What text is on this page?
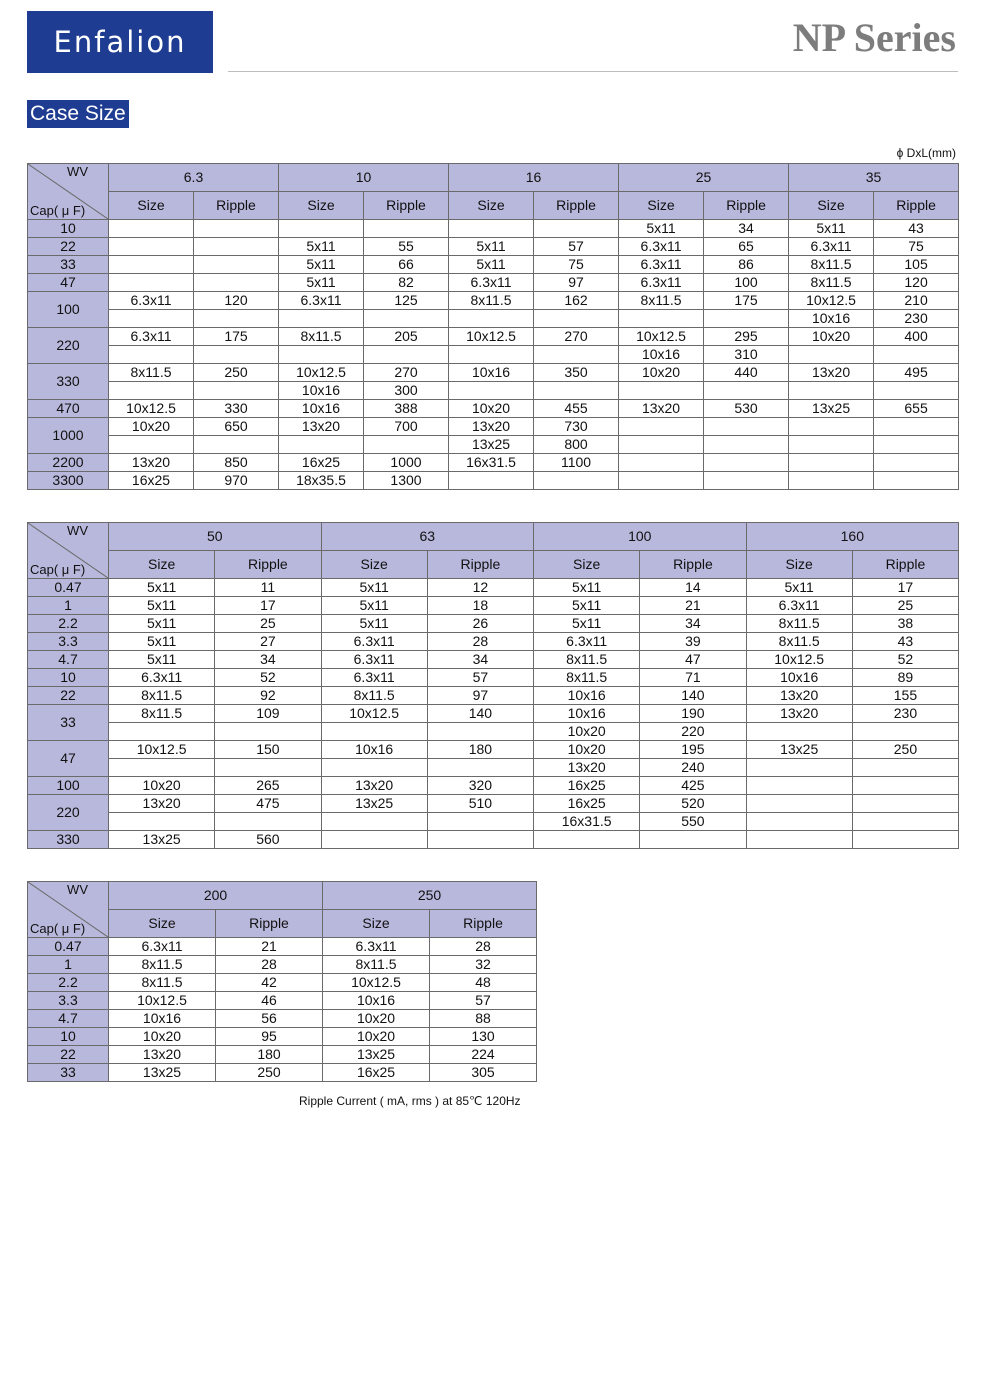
Enfalion	NP Series
Case Size
ϕ DxL(mm)
WV
Cap( μ F)	6.3		10		16		25		35	
	Size	Ripple	Size	Ripple	Size	Ripple	Size	Ripple	Size	Ripple
10							5x11	34	5x11	43
22			5x11	55	5x11	57	6.3x11	65	6.3x11	75
33			5x11	66	5x11	75	6.3x11	86	8x11.5	105
47			5x11	82	6.3x11	97	6.3x11	100	8x11.5	120
100	6.3x11	120	6.3x11	125	8x11.5	162	8x11.5	175	10x12.5	210
									10x16	230
220	6.3x11	175	8x11.5	205	10x12.5	270	10x12.5	295	10x20	400
							10x16	310		
330	8x11.5	250	10x12.5	270	10x16	350	10x20	440	13x20	495
			10x16	300						
470	10x12.5	330	10x16	388	10x20	455	13x20	530	13x25	655
1000	10x20	650	13x20	700	13x20	730				
					13x25	800				
2200	13x20	850	16x25	1000	16x31.5	1100				
3300	16x25	970	18x35.5	1300						
WV
Cap( μ F)	50		63		100		160	
	Size	Ripple	Size	Ripple	Size	Ripple	Size	Ripple
0.47	5x11	11	5x11	12	5x11	14	5x11	17
1	5x11	17	5x11	18	5x11	21	6.3x11	25
2.2	5x11	25	5x11	26	5x11	34	8x11.5	38
3.3	5x11	27	6.3x11	28	6.3x11	39	8x11.5	43
4.7	5x11	34	6.3x11	34	8x11.5	47	10x12.5	52
10	6.3x11	52	6.3x11	57	8x11.5	71	10x16	89
22	8x11.5	92	8x11.5	97	10x16	140	13x20	155
33	8x11.5	109	10x12.5	140	10x16	190	13x20	230
					10x20	220		
47	10x12.5	150	10x16	180	10x20	195	13x25	250
					13x20	240		
100	10x20	265	13x20	320	16x25	425		
220	13x20	475	13x25	510	16x25	520		
					16x31.5	550		
330	13x25	560						
WV
Cap( μ F)	200		250	
	Size	Ripple	Size	Ripple
0.47	6.3x11	21	6.3x11	28
1	8x11.5	28	8x11.5	32
2.2	8x11.5	42	10x12.5	48
3.3	10x12.5	46	10x16	57
4.7	10x16	56	10x20	88
10	10x20	95	10x20	130
22	13x20	180	13x25	224
33	13x25	250	16x25	305
Ripple Current ( mA, rms ) at 85℃ 120Hz
